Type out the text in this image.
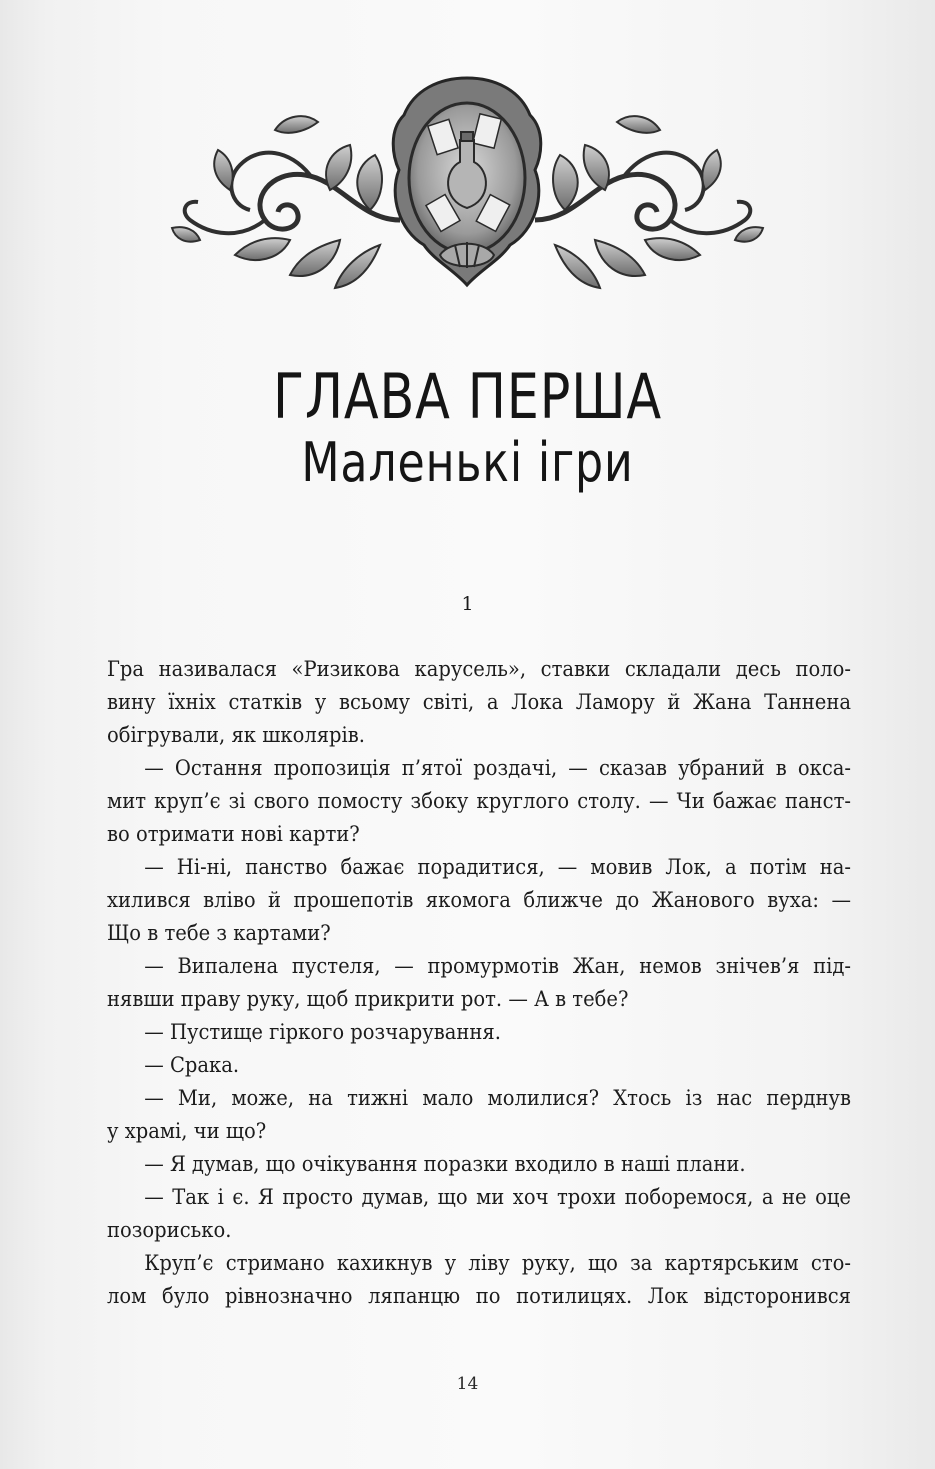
ГЛАВА ПЕРША
Маленькі ігри
1
Гра називалася «Ризикова карусель», ставки складали десь поло-
вину їхніх статків у всьому світі, а Лока Ламору й Жана Таннена
обігрували, як школярів.
— Остання пропозиція п’ятої роздачі, — сказав убраний в окса-
мит круп’є зі свого помосту збоку круглого столу. — Чи бажає панст-
во отримати нові карти?
— Ні-ні, панство бажає порадитися, — мовив Лок, а потім на-
хилився вліво й прошепотів якомога ближче до Жанового вуха: —
Що в тебе з картами?
— Випалена пустеля, — промурмотів Жан, немов знічев’я під-
нявши праву руку, щоб прикрити рот. — А в тебе?
— Пустище гіркого розчарування.
— Срака.
— Ми, може, на тижні мало молилися? Хтось із нас перднув
у храмі, чи що?
— Я думав, що очікування поразки входило в наші плани.
— Так і є. Я просто думав, що ми хоч трохи поборемося, а не оце
позорисько.
Круп’є стримано кахикнув у ліву руку, що за картярським сто-
лом було рівнозначно ляпанцю по потилицях. Лок відсторонився
14
